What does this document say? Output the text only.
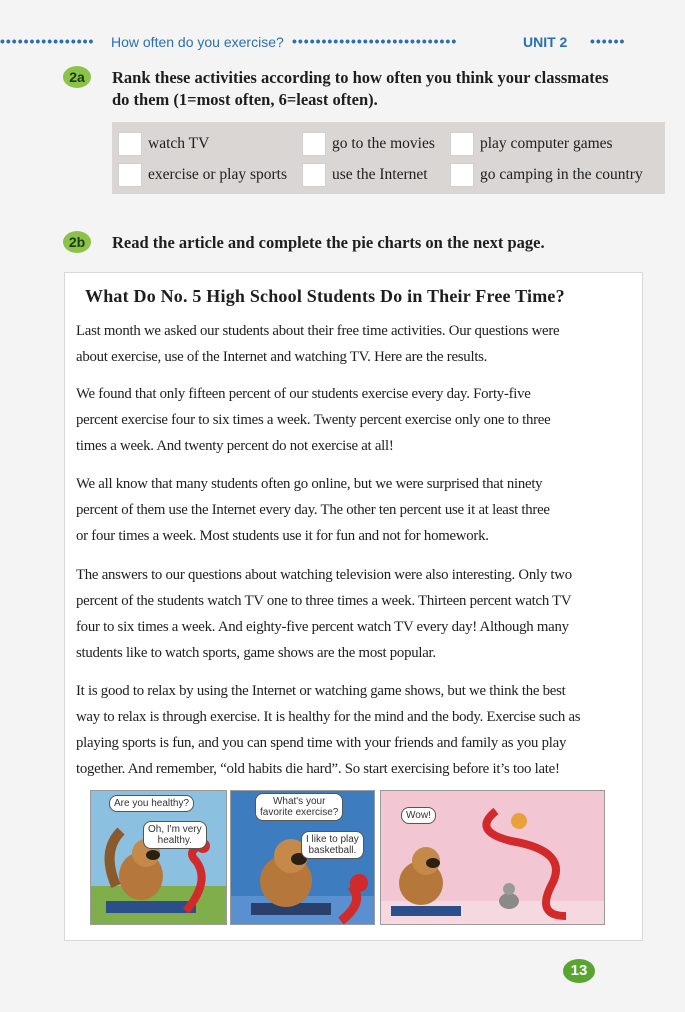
•••••••••••••••• How often do you exercise? ••••••••••••••••••••••••••••	UNIT 2 ••••••
2a	Rank these activities according to how often you think your classmates
do them (1=most often, 6=least often).
watch TV	go to the movies	play computer games
exercise or play sports	use the Internet	go camping in the country
2b	Read the article and complete the pie charts on the next page.
What Do No. 5 High School Students Do in Their Free Time?
Last month we asked our students about their free time activities. Our questions were
about exercise, use of the Internet and watching TV. Here are the results.
We found that only fifteen percent of our students exercise every day. Forty-five
percent exercise four to six times a week. Twenty percent exercise only one to three
times a week. And twenty percent do not exercise at all!
We all know that many students often go online, but we were surprised that ninety
percent of them use the Internet every day. The other ten percent use it at least three
or four times a week. Most students use it for fun and not for homework.
The answers to our questions about watching television were also interesting. Only two
percent of the students watch TV one to three times a week. Thirteen percent watch TV
four to six times a week. And eighty-five percent watch TV every day! Although many
students like to watch sports, game shows are the most popular.
It is good to relax by using the Internet or watching game shows, but we think the best
way to relax is through exercise. It is healthy for the mind and the body. Exercise such as
playing sports is fun, and you can spend time with your friends and family as you play
together. And remember, “old habits die hard”. So start exercising before it’s too late!
Are you healthy?
Oh, I'm very
healthy.
What's your
favorite exercise?
I like to play
basketball.
Wow!
13
